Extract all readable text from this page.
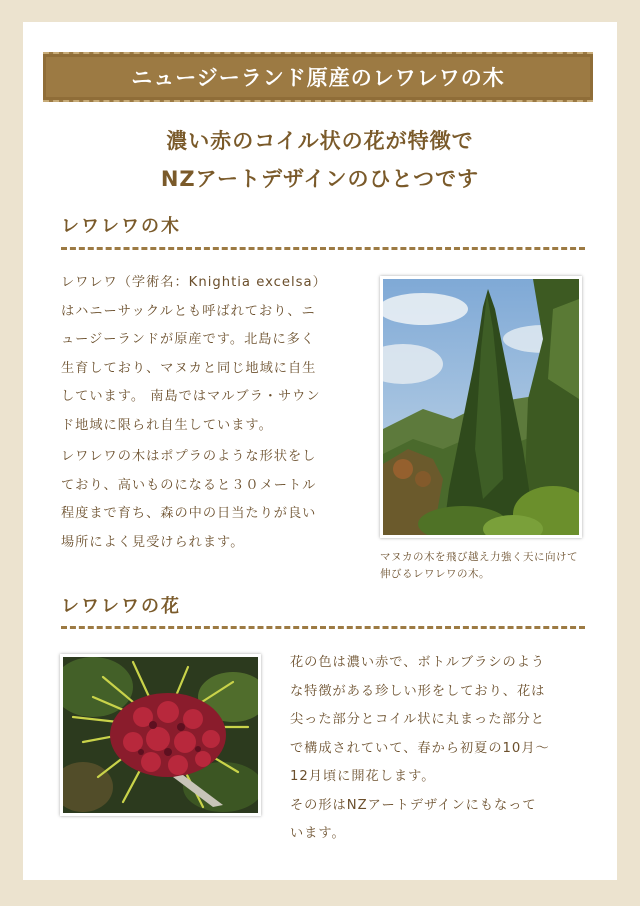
ニュージーランド原産のレワレワの木
濃い赤のコイル状の花が特徴で
NZアートデザインのひとつです
レワレワの木
レワレワ（学術名：Knightia excelsa）
はハニーサックルとも呼ばれており、ニ
ュージーランドが原産です。北島に多く
生育しており、マヌカと同じ地域に自生
しています。 南島ではマルブラ・サウン
ド地域に限られ自生しています。
レワレワの木はポプラのような形状をし
ており、高いものになると３０メートル
程度まで育ち、森の中の日当たりが良い
場所によく見受けられます。
マヌカの木を飛び越え力強く天に向けて
伸びるレワレワの木。
レワレワの花
花の色は濃い赤で、ボトルブラシのよう
な特徴がある珍しい形をしており、花は
尖った部分とコイル状に丸まった部分と
で構成されていて、春から初夏の10月〜
12月頃に開花します。
その形はNZアートデザインにもなって
います。
